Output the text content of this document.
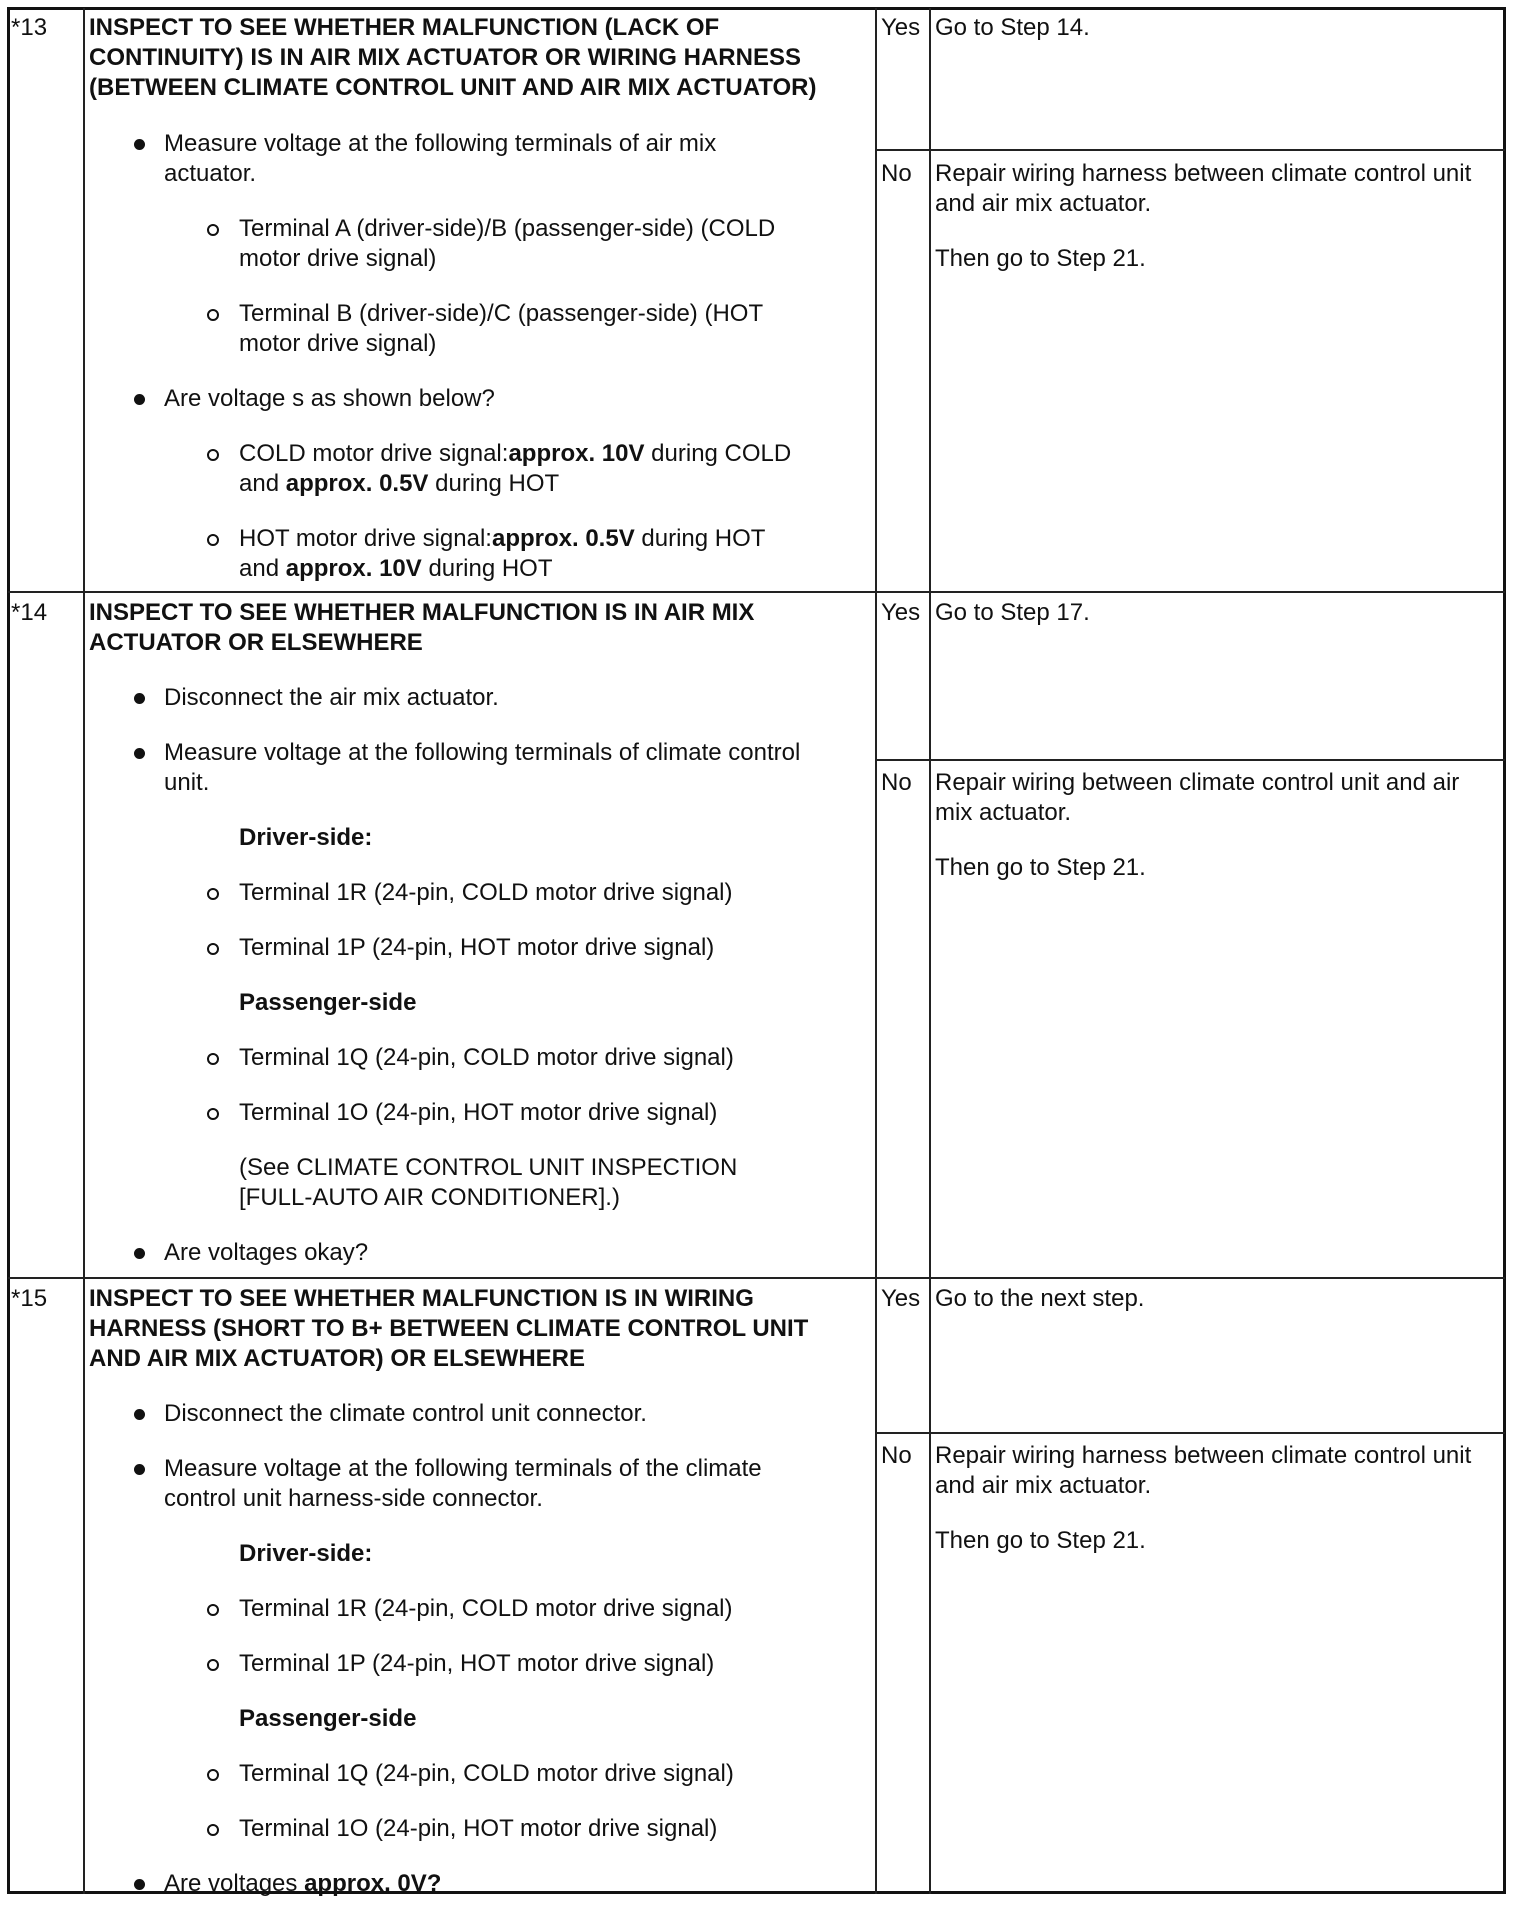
*13 INSPECT TO SEE WHETHER MALFUNCTION (LACK OF
CONTINUITY) IS IN AIR MIX ACTUATOR OR WIRING HARNESS
(BETWEEN CLIMATE CONTROL UNIT AND AIR MIX ACTUATOR)
Measure voltage at the following terminals of air mix
actuator.
Terminal A (driver-side)/B (passenger-side) (COLD
motor drive signal)
Terminal B (driver-side)/C (passenger-side) (HOT
motor drive signal)
Are voltage s as shown below?
COLD motor drive signal:approx. 10V during COLD
and approx. 0.5V during HOT
HOT motor drive signal:approx. 0.5V during HOT
and approx. 10V during HOT
Yes Go to Step 14.
No Repair wiring harness between climate control unit
and air mix actuator.
Then go to Step 21.
*14 INSPECT TO SEE WHETHER MALFUNCTION IS IN AIR MIX
ACTUATOR OR ELSEWHERE
Disconnect the air mix actuator.
Measure voltage at the following terminals of climate control
unit.
Driver-side:
Terminal 1R (24-pin, COLD motor drive signal)
Terminal 1P (24-pin, HOT motor drive signal)
Passenger-side
Terminal 1Q (24-pin, COLD motor drive signal)
Terminal 1O (24-pin, HOT motor drive signal)
(See CLIMATE CONTROL UNIT INSPECTION
[FULL-AUTO AIR CONDITIONER].)
Are voltages okay?
Yes Go to Step 17.
No Repair wiring between climate control unit and air
mix actuator.
Then go to Step 21.
*15 INSPECT TO SEE WHETHER MALFUNCTION IS IN WIRING
HARNESS (SHORT TO B+ BETWEEN CLIMATE CONTROL UNIT
AND AIR MIX ACTUATOR) OR ELSEWHERE
Disconnect the climate control unit connector.
Measure voltage at the following terminals of the climate
control unit harness-side connector.
Driver-side:
Terminal 1R (24-pin, COLD motor drive signal)
Terminal 1P (24-pin, HOT motor drive signal)
Passenger-side
Terminal 1Q (24-pin, COLD motor drive signal)
Terminal 1O (24-pin, HOT motor drive signal)
Are voltages approx. 0V?
Yes Go to the next step.
No Repair wiring harness between climate control unit
and air mix actuator.
Then go to Step 21.
